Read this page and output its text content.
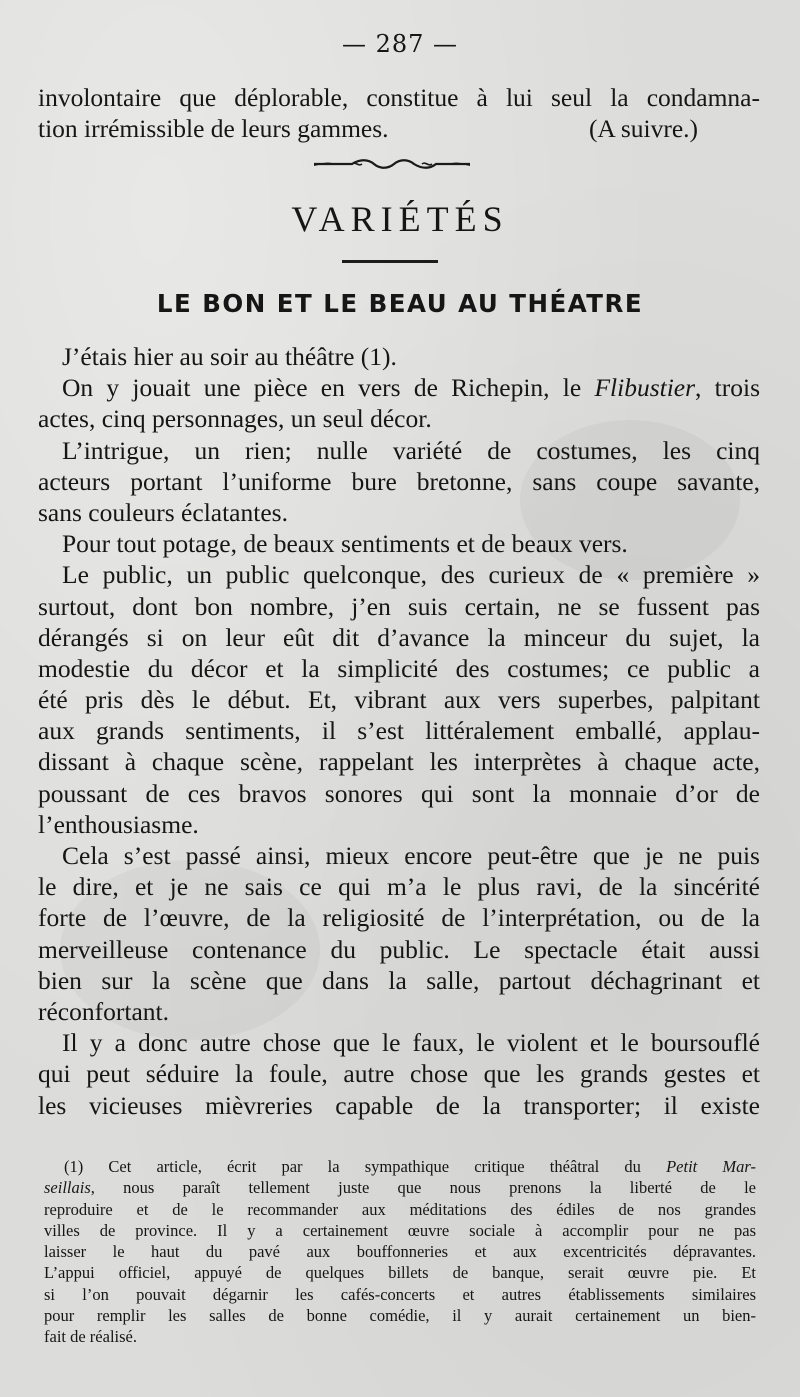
— 287 —
involontaire que déplorable, constitue à lui seul la condamna-
tion irrémissible de leurs gammes.	(A suivre.)
VARIÉTÉS
LE BON ET LE BEAU AU THÉATRE
J’étais hier au soir au théâtre (1).
On y jouait une pièce en vers de Richepin, le Flibustier, trois
actes, cinq personnages, un seul décor.
L’intrigue, un rien; nulle variété de costumes, les cinq
acteurs portant l’uniforme bure bretonne, sans coupe savante,
sans couleurs éclatantes.
Pour tout potage, de beaux sentiments et de beaux vers.
Le public, un public quelconque, des curieux de « première »
surtout, dont bon nombre, j’en suis certain, ne se fussent pas
dérangés si on leur eût dit d’avance la minceur du sujet, la
modestie du décor et la simplicité des costumes; ce public a
été pris dès le début. Et, vibrant aux vers superbes, palpitant
aux grands sentiments, il s’est littéralement emballé, applau-
dissant à chaque scène, rappelant les interprètes à chaque acte,
poussant de ces bravos sonores qui sont la monnaie d’or de
l’enthousiasme.
Cela s’est passé ainsi, mieux encore peut-être que je ne puis
le dire, et je ne sais ce qui m’a le plus ravi, de la sincérité
forte de l’œuvre, de la religiosité de l’interprétation, ou de la
merveilleuse contenance du public. Le spectacle était aussi
bien sur la scène que dans la salle, partout déchagrinant et
réconfortant.
Il y a donc autre chose que le faux, le violent et le boursouflé
qui peut séduire la foule, autre chose que les grands gestes et
les vicieuses mièvreries capable de la transporter; il existe
(1) Cet article, écrit par la sympathique critique théâtral du Petit Mar-
seillais, nous paraît tellement juste que nous prenons la liberté de le
reproduire et de le recommander aux méditations des édiles de nos grandes
villes de province. Il y a certainement œuvre sociale à accomplir pour ne pas
laisser le haut du pavé aux bouffonneries et aux excentricités dépravantes.
L’appui officiel, appuyé de quelques billets de banque, serait œuvre pie. Et
si l’on pouvait dégarnir les cafés-concerts et autres établissements similaires
pour remplir les salles de bonne comédie, il y aurait certainement un bien-
fait de réalisé.
